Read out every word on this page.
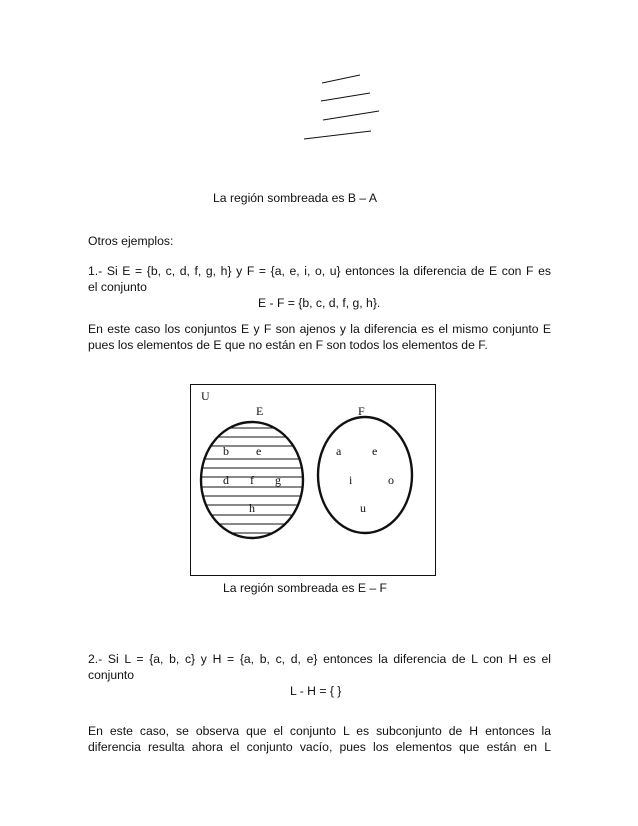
La región sombreada es B – A
Otros ejemplos:
1.- Si E = {b, c, d, f, g, h} y F = {a, e, i, o, u} entonces la diferencia de E con F es
el conjunto
E - F = {b, c, d, f, g, h}.
En este caso los conjuntos E y F son ajenos y la diferencia es el mismo conjunto E
pues los elementos de E que no están en F son todos los elementos de F.
U
E	F
b e
d f g
h
a	e
i	o
u
La región sombreada es E – F
2.- Si L = {a, b, c} y H = {a, b, c, d, e} entonces la diferencia de L con H es el
conjunto
L - H = { }
En este caso, se observa que el conjunto L es subconjunto de H entonces la
diferencia resulta ahora el conjunto vacío, pues los elementos que están en L
